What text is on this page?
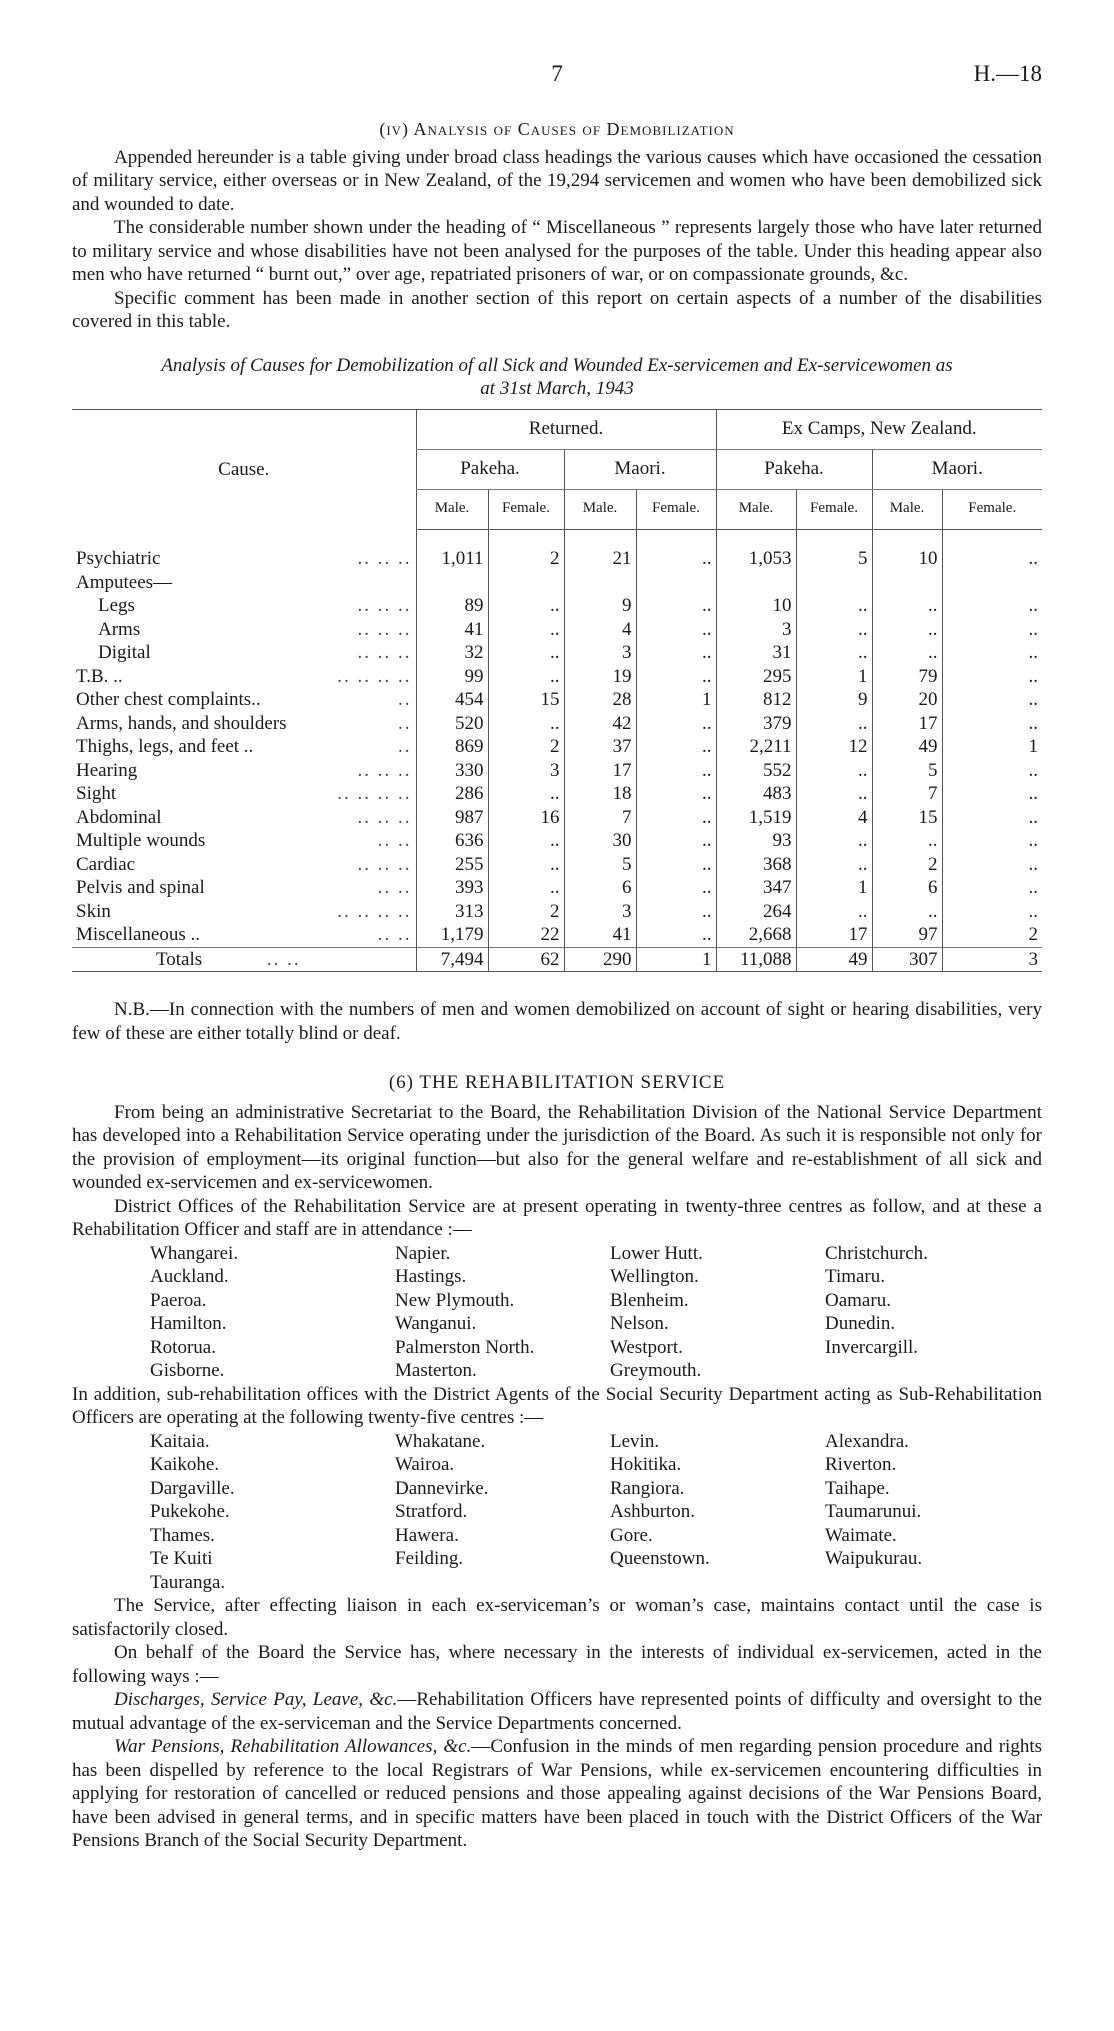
7	H.—18
(iv) Analysis of Causes of Demobilization

Appended hereunder is a table giving under broad class headings the various causes which have occasioned the cessation of military service, either overseas or in New Zealand, of the 19,294 servicemen and women who have been demobilized sick and wounded to date.

The considerable number shown under the heading of “ Miscellaneous ” represents largely those who have later returned to military service and whose disabilities have not been analysed for the purposes of the table. Under this heading appear also men who have returned “ burnt out,” over age, repatriated prisoners of war, or on compassionate grounds, &c.

Specific comment has been made in another section of this report on certain aspects of a number of the disabilities covered in this table.

Analysis of Causes for Demobilization of all Sick and Wounded Ex-servicemen and Ex-servicewomen as
at 31st March, 1943
Cause.	Returned.				Ex Camps, New Zealand.			
	Pakeha.		Maori.		Pakeha.		Maori.	
	Male.	Female.	Male.	Female.	Male.	Female.	Male.	Female.

Psychiatric .. .. ..	1,011	2	21	..	1,053	5	10	..
Amputees—

Legs .. .. ..	89	..	9	..	10	..	..	..
Arms .. .. ..	41	..	4	..	3	..	..	..
Digital .. .. ..	32	..	3	..	31	..	..	..
T.B. .. .. .. .. ..	99	..	19	..	295	1	79	..
Other chest complaints.. ..	454	15	28	1	812	9	20	..
Arms, hands, and shoulders ..	520	..	42	..	379	..	17	..
Thighs, legs, and feet .. ..	869	2	37	..	2,211	12	49	1
Hearing .. .. ..	330	3	17	..	552	..	5	..
Sight .. .. .. ..	286	..	18	..	483	..	7	..
Abdominal .. .. ..	987	16	7	..	1,519	4	15	..
Multiple wounds .. ..	636	..	30	..	93	..	..	..
Cardiac .. .. ..	255	..	5	..	368	..	2	..
Pelvis and spinal .. ..	393	..	6	..	347	1	6	..
Skin .. .. .. ..	313	2	3	..	264	..	..	..
Miscellaneous .. .. ..	1,179	22	41	..	2,668	17	97	2
Totals .. ..	7,494	62	290	1	11,088	49	307	3

N.B.—In connection with the numbers of men and women demobilized on account of sight or hearing disabilities, very few of these are either totally blind or deaf.

(6) THE REHABILITATION SERVICE

From being an administrative Secretariat to the Board, the Rehabilitation Division of the National Service Department has developed into a Rehabilitation Service operating under the jurisdiction of the Board. As such it is responsible not only for the provision of employment—its original function—but also for the general welfare and re-establishment of all sick and wounded ex-servicemen and ex-servicewomen.

District Offices of the Rehabilitation Service are at present operating in twenty-three centres as follow, and at these a Rehabilitation Officer and staff are in attendance :—

Whangarei.	Napier.	Lower Hutt.	Christchurch.
Auckland.	Hastings.	Wellington.	Timaru.
Paeroa.	New Plymouth.	Blenheim.	Oamaru.
Hamilton.	Wanganui.	Nelson.	Dunedin.
Rotorua.	Palmerston North.	Westport.	Invercargill.
Gisborne.	Masterton.	Greymouth.

In addition, sub-rehabilitation offices with the District Agents of the Social Security Department acting as Sub-Rehabilitation Officers are operating at the following twenty-five centres :—

Kaitaia.	Whakatane.	Levin.	Alexandra.
Kaikohe.	Wairoa.	Hokitika.	Riverton.
Dargaville.	Dannevirke.	Rangiora.	Taihape.
Pukekohe.	Stratford.	Ashburton.	Taumarunui.
Thames.	Hawera.	Gore.	Waimate.
Te Kuiti	Feilding.	Queenstown.	Waipukurau.
Tauranga.

The Service, after effecting liaison in each ex-serviceman’s or woman’s case, maintains contact until the case is satisfactorily closed.

On behalf of the Board the Service has, where necessary in the interests of individual ex-servicemen, acted in the following ways :—

Discharges, Service Pay, Leave, &c.—Rehabilitation Officers have represented points of difficulty and oversight to the mutual advantage of the ex-serviceman and the Service Departments concerned.

War Pensions, Rehabilitation Allowances, &c.—Confusion in the minds of men regarding pension procedure and rights has been dispelled by reference to the local Registrars of War Pensions, while ex-servicemen encountering difficulties in applying for restoration of cancelled or reduced pensions and those appealing against decisions of the War Pensions Board, have been advised in general terms, and in specific matters have been placed in touch with the District Officers of the War Pensions Branch of the Social Security Department.
